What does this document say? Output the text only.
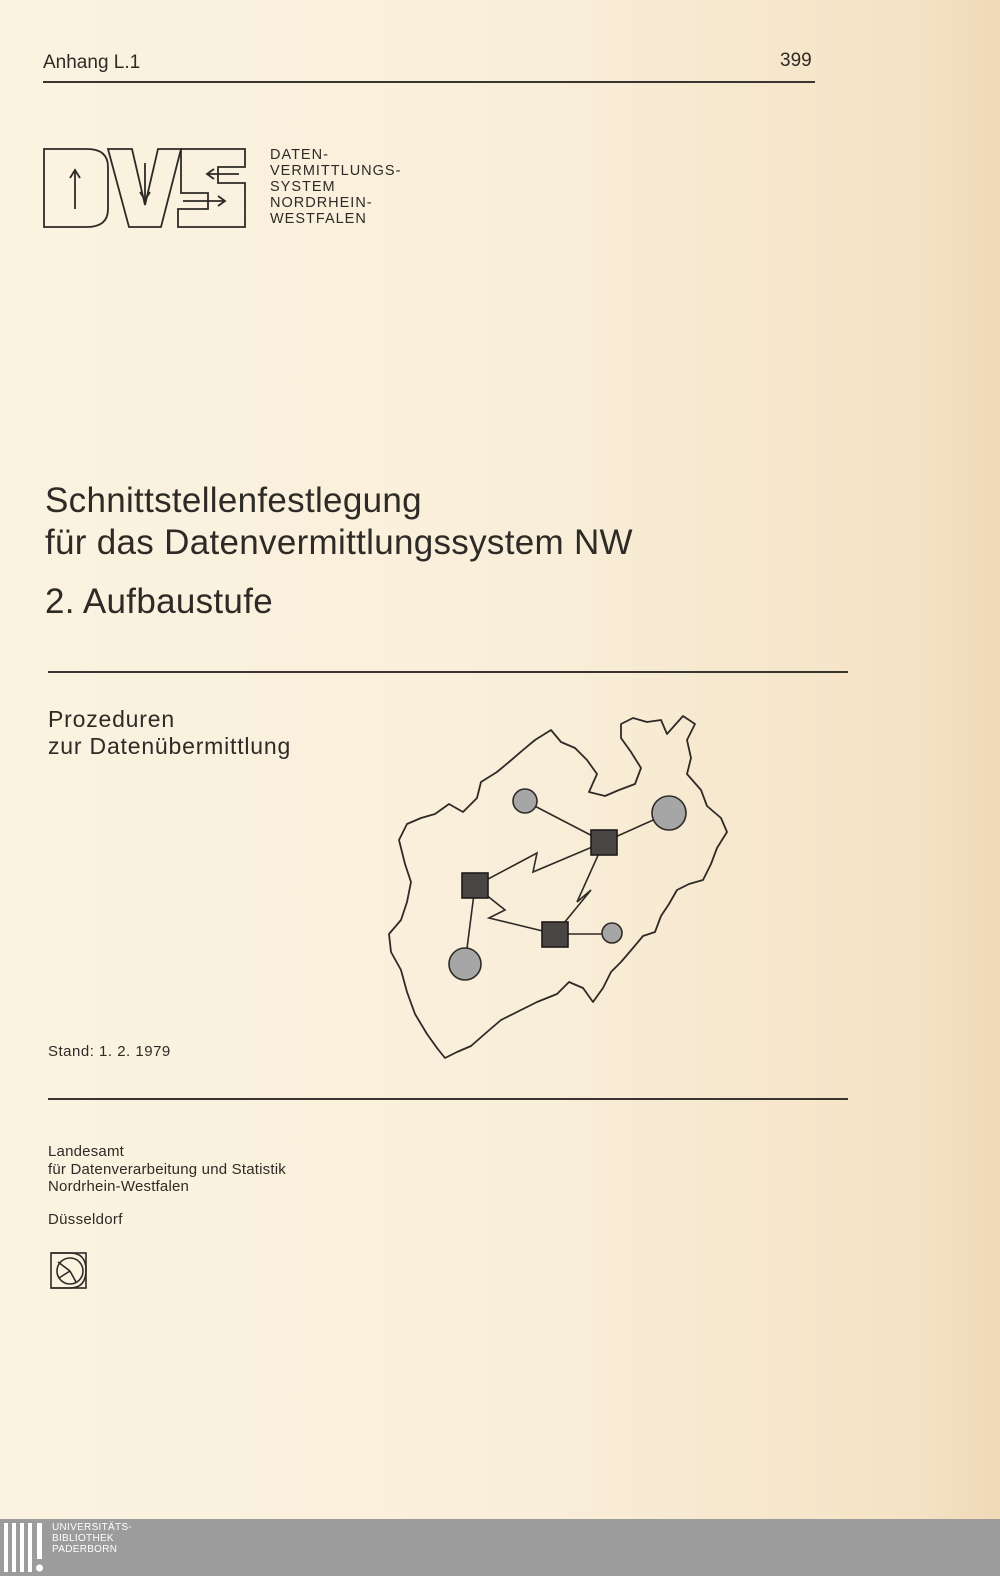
Anhang L.1	399
DATEN-
VERMITTLUNGS-
SYSTEM
NORDRHEIN-
WESTFALEN
Schnittstellenfestlegung
für das Datenvermittlungssystem NW
2. Aufbaustufe
Prozeduren
zur Datenübermittlung
Stand: 1. 2. 1979
Landesamt
für Datenverarbeitung und Statistik
Nordrhein-Westfalen
Düsseldorf
UNIVERSITÄTS-
BIBLIOTHEK
PADERBORN
